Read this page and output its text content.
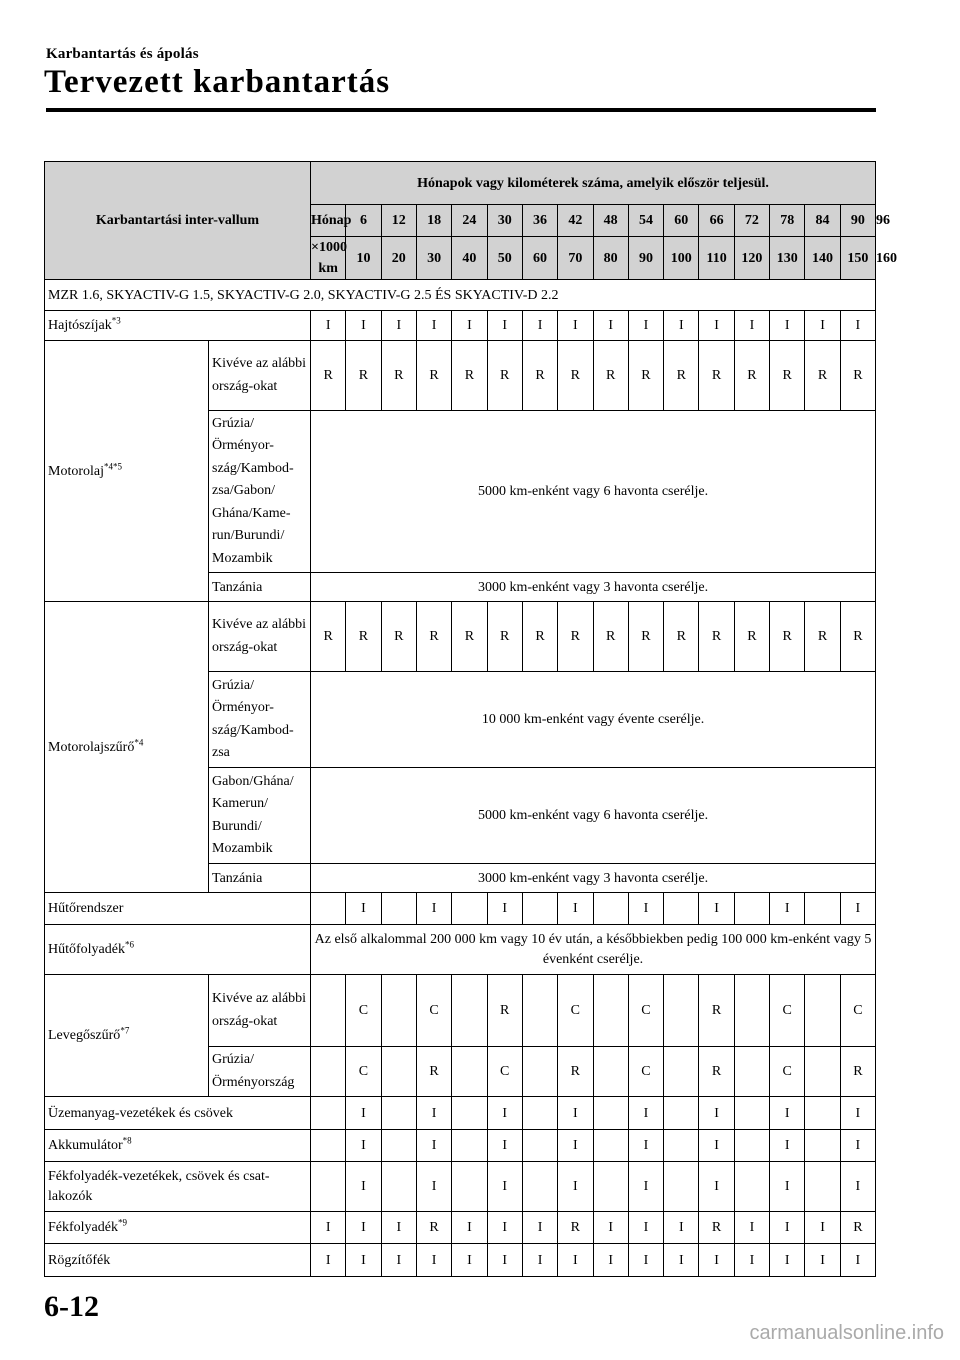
Karbantartás és ápolás
Tervezett karbantartás
Karbantartási inter-vallum		Hónapok vagy kilométerek száma, amelyik először teljesül.																
		Hónap	6	12	18	24	30	36	42	48	54	60	66	72	78	84	90	96
		×1000 km	10	20	30	40	50	60	70	80	90	100	110	120	130	140	150	160
MZR 1.6, SKYACTIV-G 1.5, SKYACTIV-G 2.0, SKYACTIV-G 2.5 ÉS SKYACTIV-D 2.2																		
Hajtószíjak$^{*3}$		I	I	I	I	I	I	I	I	I	I	I	I	I	I	I	I	
Motorolaj$^{*4*5}$	Kivéve az alábbi ország-okat	R	R	R	R	R	R	R	R	R	R	R	R	R	R	R	R	
	Grúzia/ Örményor-szág/Kambod-zsa/Gabon/ Ghána/Kame-run/Burundi/ Mozambik	5000 km-enként vagy 6 havonta cserélje.																
	Tanzánia	3000 km-enként vagy 3 havonta cserélje.																
Motorolajszűrő$^{*4}$	Kivéve az alábbi ország-okat	R	R	R	R	R	R	R	R	R	R	R	R	R	R	R	R	
	Grúzia/ Örményor-szág/Kambod-zsa	10 000 km-enként vagy évente cserélje.																
	Gabon/Ghána/ Kamerun/ Burundi/ Mozambik	5000 km-enként vagy 6 havonta cserélje.																
	Tanzánia	3000 km-enként vagy 3 havonta cserélje.																
Hűtőrendszer			I		I		I		I		I		I		I		I	
Hűtőfolyadék$^{*6}$		Az első alkalommal 200 000 km vagy 10 év után, a későbbiekben pedig 100 000 km-enként vagy 5 évenként cserélje.																
Levegőszűrő$^{*7}$	Kivéve az alábbi ország-okat		C		C		R		C		C		R		C		C	
	Grúzia/ Örményország		C		R		C		R		C		R		C		R	
Üzemanyag-vezetékek és csövek			I		I		I		I		I		I		I		I	
Akkumulátor$^{*8}$			I		I		I		I		I		I		I		I	
Fékfolyadék-vezetékek, csövek és csat-lakozók			I		I		I		I		I		I		I		I	
Fékfolyadék$^{*9}$		I	I	I	R	I	I	I	R	I	I	I	R	I	I	I	R	
Rögzítőfék		I	I	I	I	I	I	I	I	I	I	I	I	I	I	I	I	
6-12
carmanualsonline.info
